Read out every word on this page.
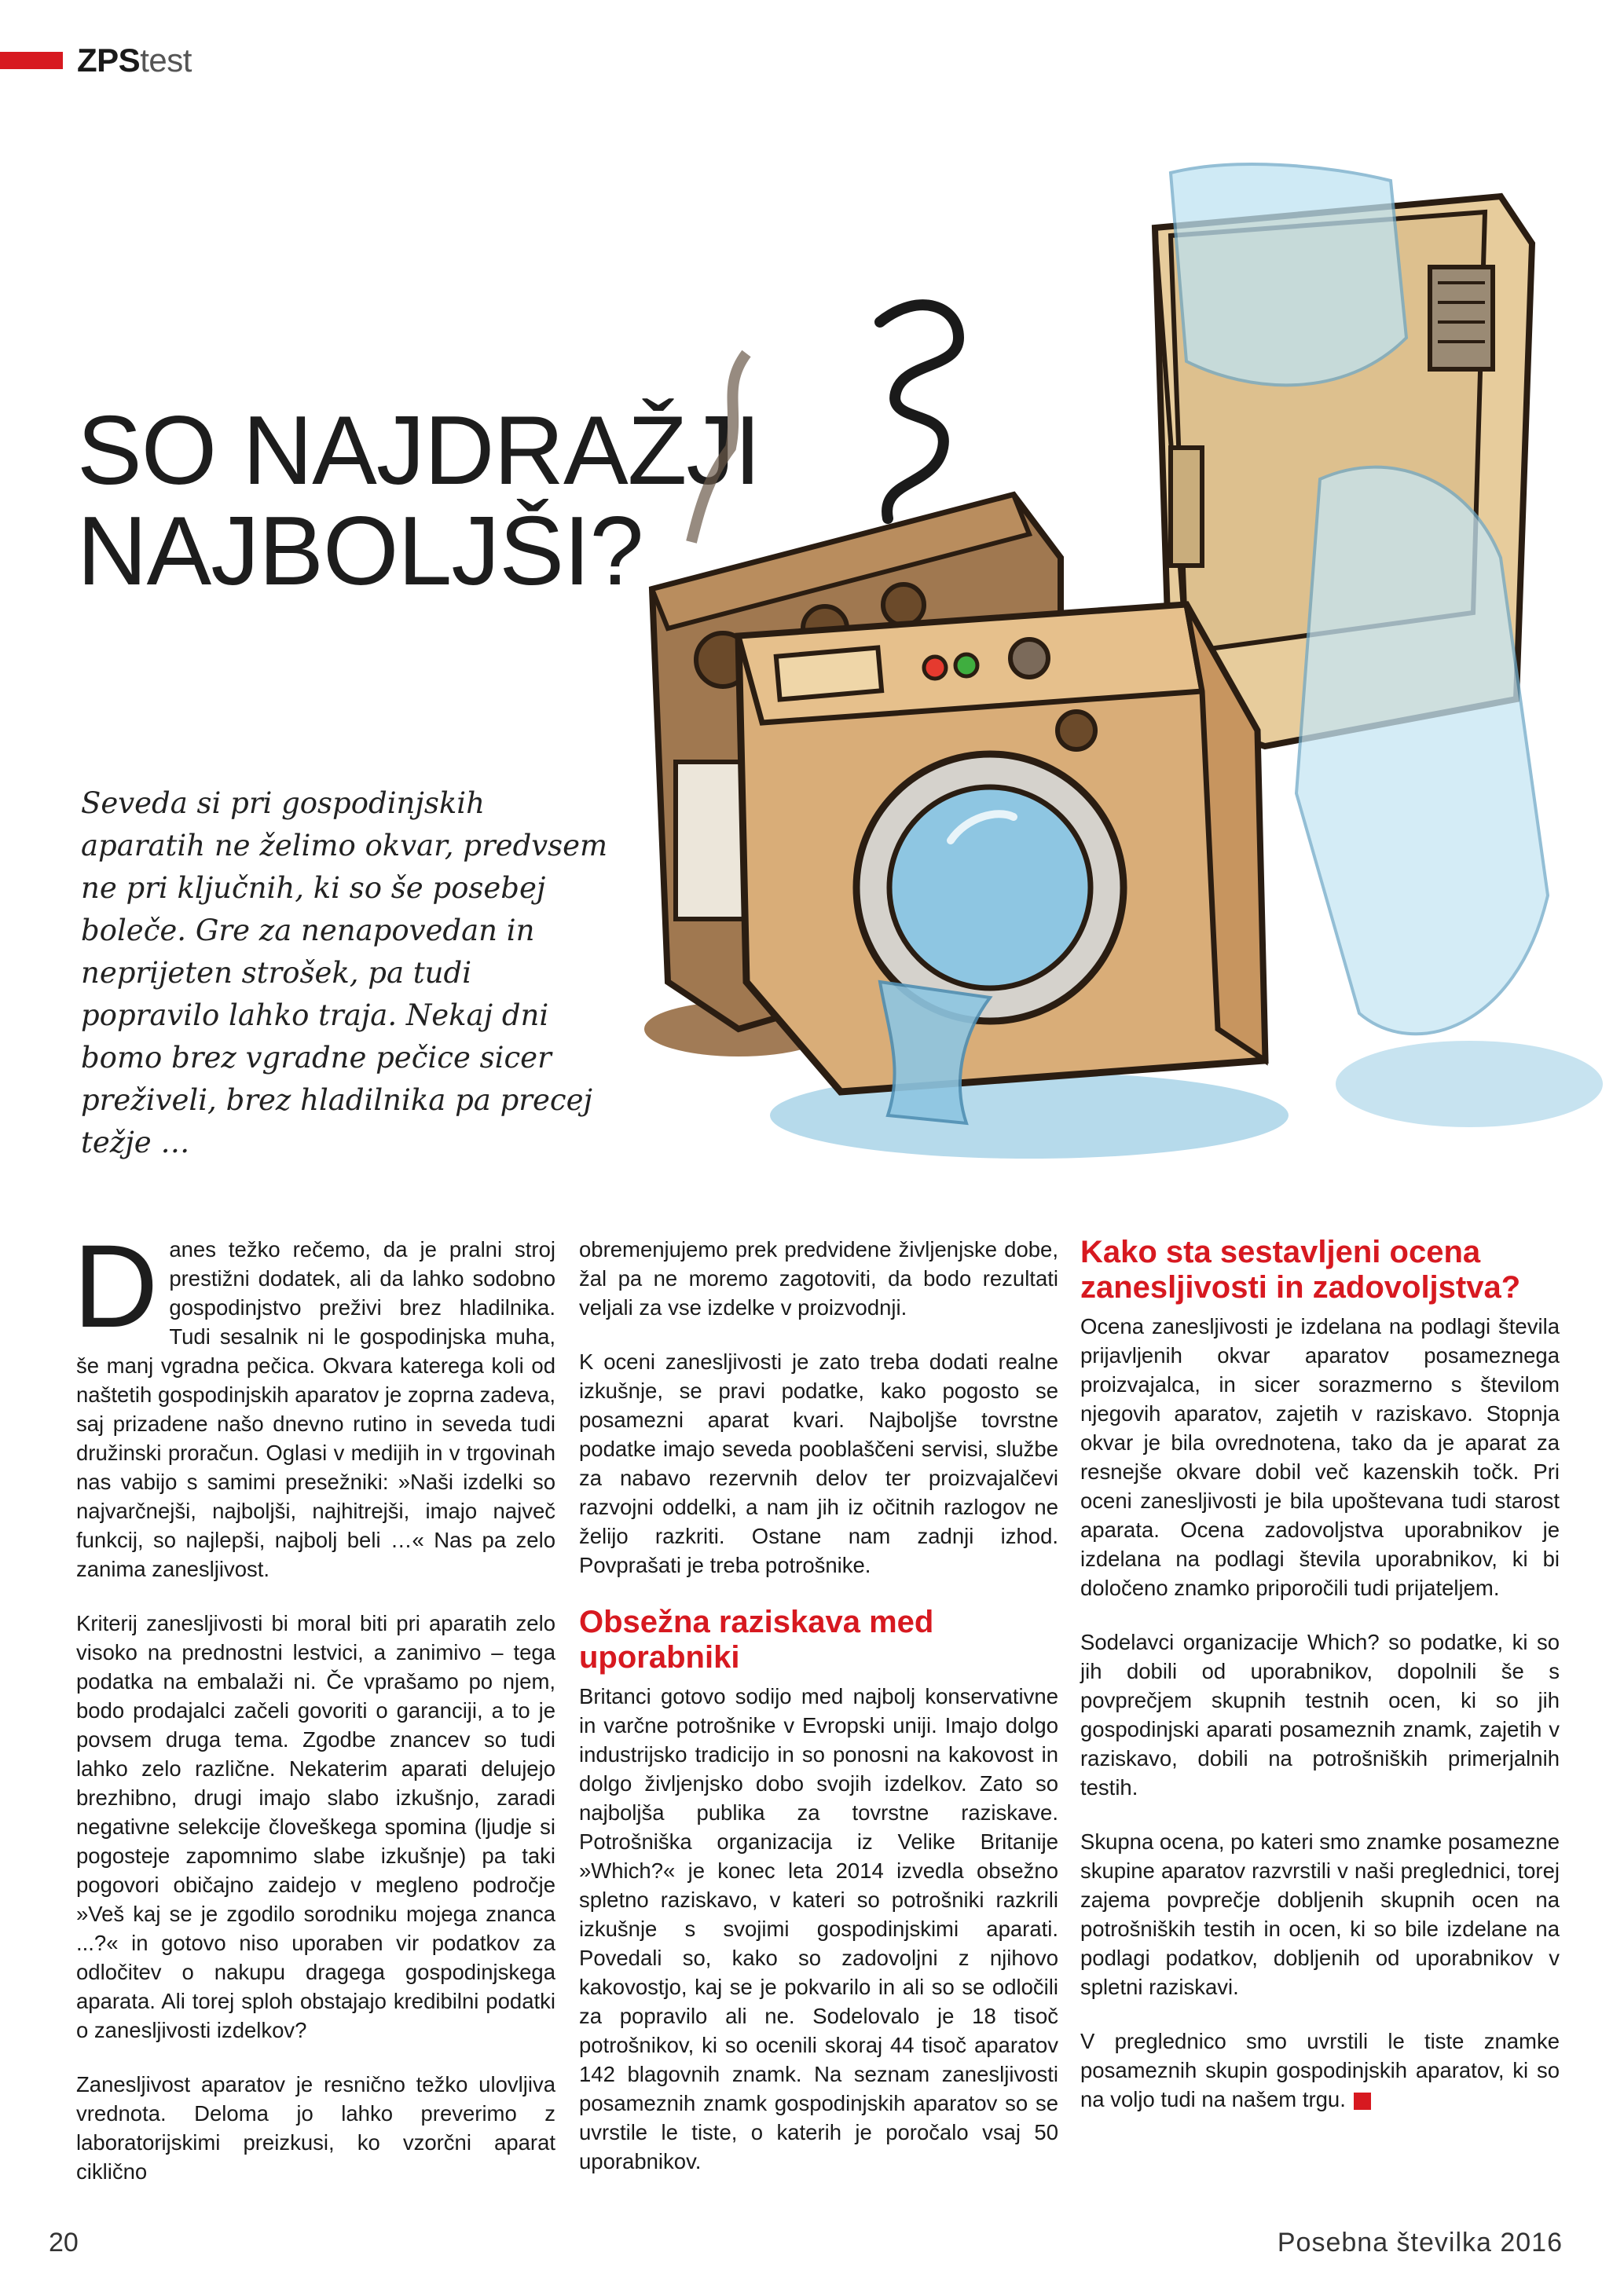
ZPStest
SO NAJDRAŽJI
NAJBOLJŠI?

Seveda si pri gospodinjskih aparatih ne želimo okvar, predvsem ne pri ključnih, ki so še posebej boleče. Gre za nenapovedan in neprijeten strošek, pa tudi popravilo lahko traja. Nekaj dni bomo brez vgradne pečice sicer preživeli, brez hladilnika pa precej težje …

Danes težko rečemo, da je pralni stroj prestižni dodatek, ali da lahko sodobno gospodinjstvo preživi brez hladilnika. Tudi sesalnik ni le gospodinjska muha, še manj vgradna pečica. Okvara katerega koli od naštetih gospodinjskih aparatov je zoprna zadeva, saj prizadene našo dnevno rutino in seveda tudi družinski proračun. Oglasi v medijih in v trgovinah nas vabijo s samimi presežniki: »Naši izdelki so najvarčnejši, najboljši, najhitrejši, imajo največ funkcij, so najlepši, najbolj beli …« Nas pa zelo zanima zanesljivost.

Kriterij zanesljivosti bi moral biti pri aparatih zelo visoko na prednostni lestvici, a zanimivo – tega podatka na embalaži ni. Če vprašamo po njem, bodo prodajalci začeli govoriti o garanciji, a to je povsem druga tema. Zgodbe znancev so tudi lahko zelo različne. Nekaterim aparati delujejo brezhibno, drugi imajo slabo izkušnjo, zaradi negativne selekcije človeškega spomina (ljudje si pogosteje zapomnimo slabe izkušnje) pa taki pogovori običajno zaidejo v megleno področje »Veš kaj se je zgodilo sorodniku mojega znanca ...?« in gotovo niso uporaben vir podatkov za odločitev o nakupu dragega gospodinjskega aparata. Ali torej sploh obstajajo kredibilni podatki o zanesljivosti izdelkov?

Zanesljivost aparatov je resnično težko ulovljiva vrednota. Deloma jo lahko preverimo z laboratorijskimi preizkusi, ko vzorčni aparat ciklično

obremenjujemo prek predvidene življenjske dobe, žal pa ne moremo zagotoviti, da bodo rezultati veljali za vse izdelke v proizvodnji.

K oceni zanesljivosti je zato treba dodati realne izkušnje, se pravi podatke, kako pogosto se posamezni aparat kvari. Najboljše tovrstne podatke imajo seveda pooblaščeni servisi, službe za nabavo rezervnih delov ter proizvajalčevi razvojni oddelki, a nam jih iz očitnih razlogov ne želijo razkriti. Ostane nam zadnji izhod. Povprašati je treba potrošnike.

Obsežna raziskava med uporabniki

Britanci gotovo sodijo med najbolj konservativne in varčne potrošnike v Evropski uniji. Imajo dolgo industrijsko tradicijo in so ponosni na kakovost in dolgo življenjsko dobo svojih izdelkov. Zato so najboljša publika za tovrstne raziskave. Potrošniška organizacija iz Velike Britanije »Which?« je konec leta 2014 izvedla obsežno spletno raziskavo, v kateri so potrošniki razkrili izkušnje s svojimi gospodinjskimi aparati. Povedali so, kako so zadovoljni z njihovo kakovostjo, kaj se je pokvarilo in ali so se odločili za popravilo ali ne. Sodelovalo je 18 tisoč potrošnikov, ki so ocenili skoraj 44 tisoč aparatov 142 blagovnih znamk. Na seznam zanesljivosti posameznih znamk gospodinjskih aparatov so se uvrstile le tiste, o katerih je poročalo vsaj 50 uporabnikov.

Kako sta sestavljeni ocena zanesljivosti in zadovoljstva?

Ocena zanesljivosti je izdelana na podlagi števila prijavljenih okvar aparatov posameznega proizvajalca, in sicer sorazmerno s številom njegovih aparatov, zajetih v raziskavo. Stopnja okvar je bila ovrednotena, tako da je aparat za resnejše okvare dobil več kazenskih točk. Pri oceni zanesljivosti je bila upoštevana tudi starost aparata. Ocena zadovoljstva uporabnikov je izdelana na podlagi števila uporabnikov, ki bi določeno znamko priporočili tudi prijateljem.

Sodelavci organizacije Which? so podatke, ki so jih dobili od uporabnikov, dopolnili še s povprečjem skupnih testnih ocen, ki so jih gospodinjski aparati posameznih znamk, zajetih v raziskavo, dobili na potrošniških primerjalnih testih.

Skupna ocena, po kateri smo znamke posamezne skupine aparatov razvrstili v naši preglednici, torej zajema povprečje dobljenih skupnih ocen na potrošniških testih in ocen, ki so bile izdelane na podlagi podatkov, dobljenih od uporabnikov v spletni raziskavi.

V preglednico smo uvrstili le tiste znamke posameznih skupin gospodinjskih aparatov, ki so na voljo tudi na našem trgu.

20	Posebna številka 2016
